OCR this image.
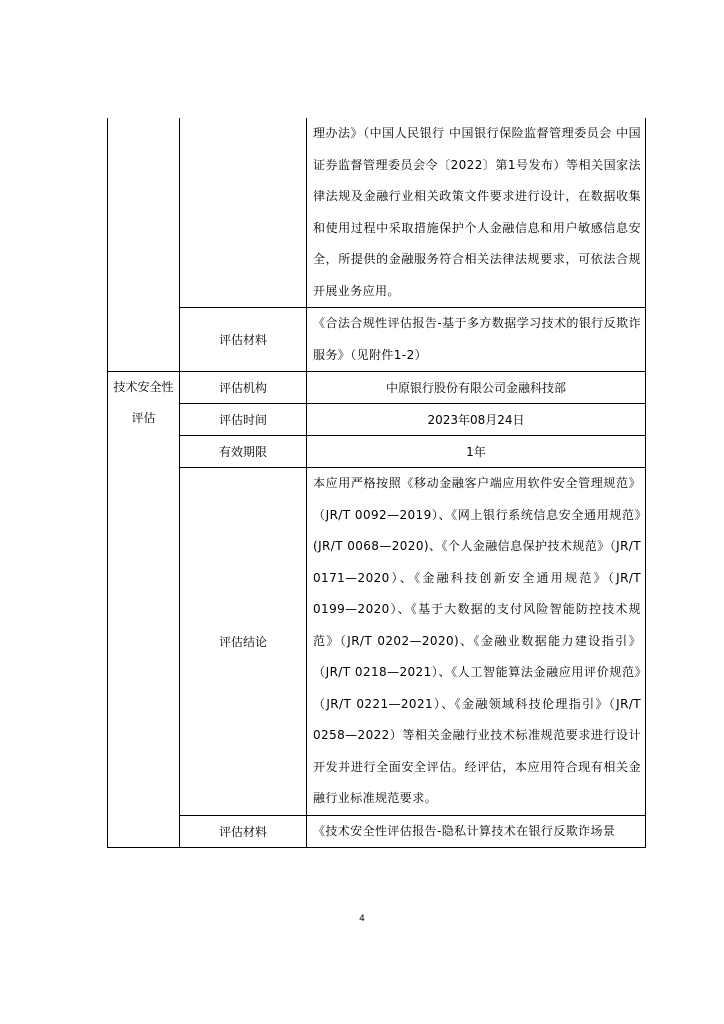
		理办法》（中国人民银行 中国银行保险监督管理委员会 中国证券监督管理委员会令〔2022〕第1号发布）等相关国家法律法规及金融行业相关政策文件要求进行设计，在数据收集和使用过程中采取措施保护个人金融信息和用户敏感信息安全，所提供的金融服务符合相关法律法规要求，可依法合规开展业务应用。

	评估材料	《合法合规性评估报告-基于多方数据学习技术的银行反欺诈服务》（见附件1-2）

技术安全性
评估	评估机构	中原银行股份有限公司金融科技部
	评估时间	2023年08月24日
	有效期限	1年
	评估结论	本应用严格按照《移动金融客户端应用软件安全管理规范》（JR/T 0092—2019）、《网上银行系统信息安全通用规范》(JR/T 0068—2020)、《个人金融信息保护技术规范》（JR/T 0171—2020）、《金融科技创新安全通用规范》（JR/T 0199—2020）、《基于大数据的支付风险智能防控技术规范》（JR/T 0202—2020)、《金融业数据能力建设指引》（JR/T 0218—2021）、《人工智能算法金融应用评价规范》（JR/T 0221—2021）、《金融领域科技伦理指引》（JR/T 0258—2022）等相关金融行业技术标准规范要求进行设计开发并进行全面安全评估。经评估，本应用符合现有相关金融行业标准规范要求。

	评估材料	《技术安全性评估报告-隐私计算技术在银行反欺诈场景
4
